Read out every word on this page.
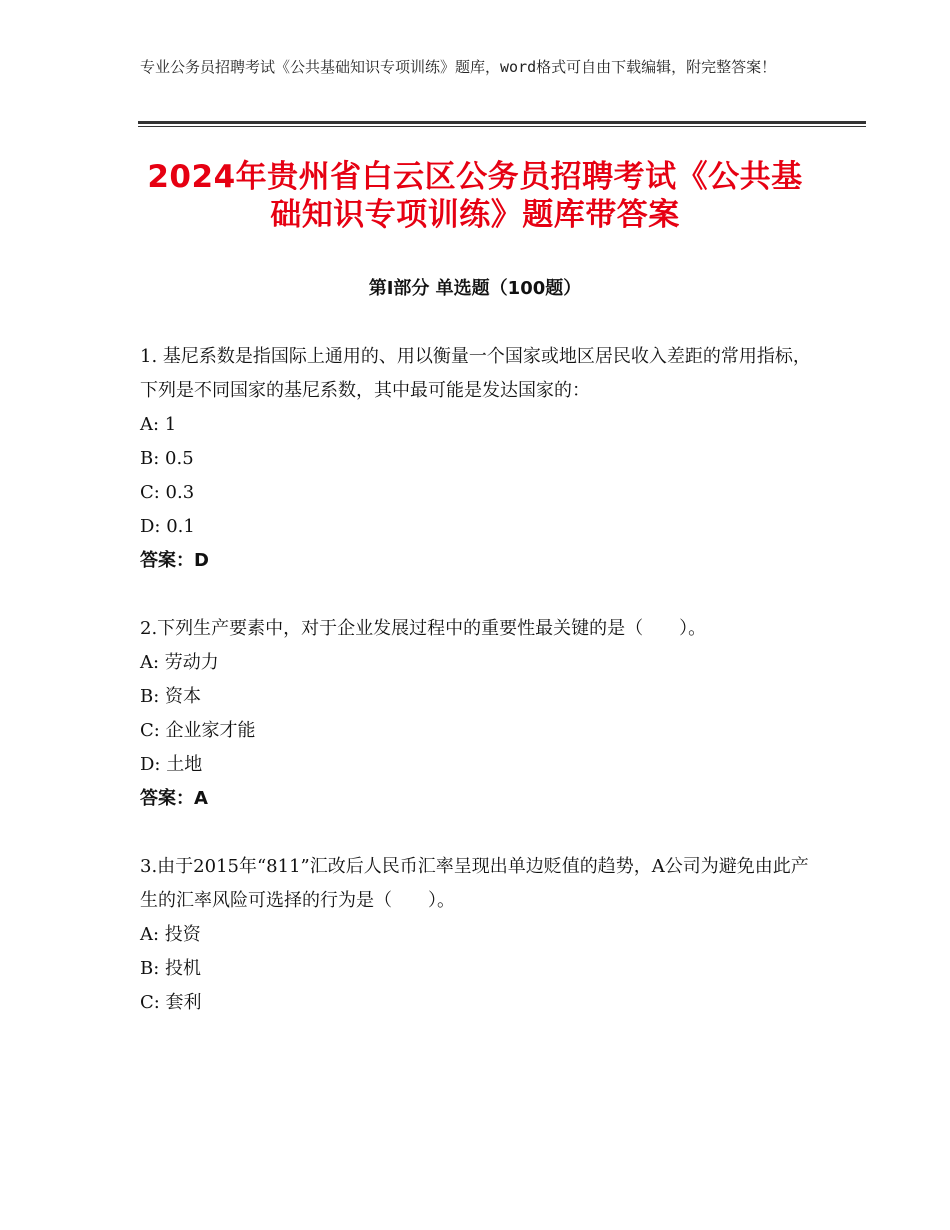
专业公务员招聘考试《公共基础知识专项训练》题库，word格式可自由下载编辑，附完整答案！
2024年贵州省白云区公务员招聘考试《公共基础知识专项训练》题库带答案
第Ⅰ部分 单选题（100题）

1. 基尼系数是指国际上通用的、用以衡量一个国家或地区居民收入差距的常用指标，下列是不同国家的基尼系数，其中最可能是发达国家的：

A: 1

B: 0.5

C: 0.3

D: 0.1

答案：D

2.下列生产要素中，对于企业发展过程中的重要性最关键的是（　　）。

A: 劳动力

B: 资本

C: 企业家才能

D: 土地

答案：A

3.由于2015年“811”汇改后人民币汇率呈现出单边贬值的趋势，A公司为避免由此产生的汇率风险可选择的行为是（　　）。

A: 投资

B: 投机

C: 套利
